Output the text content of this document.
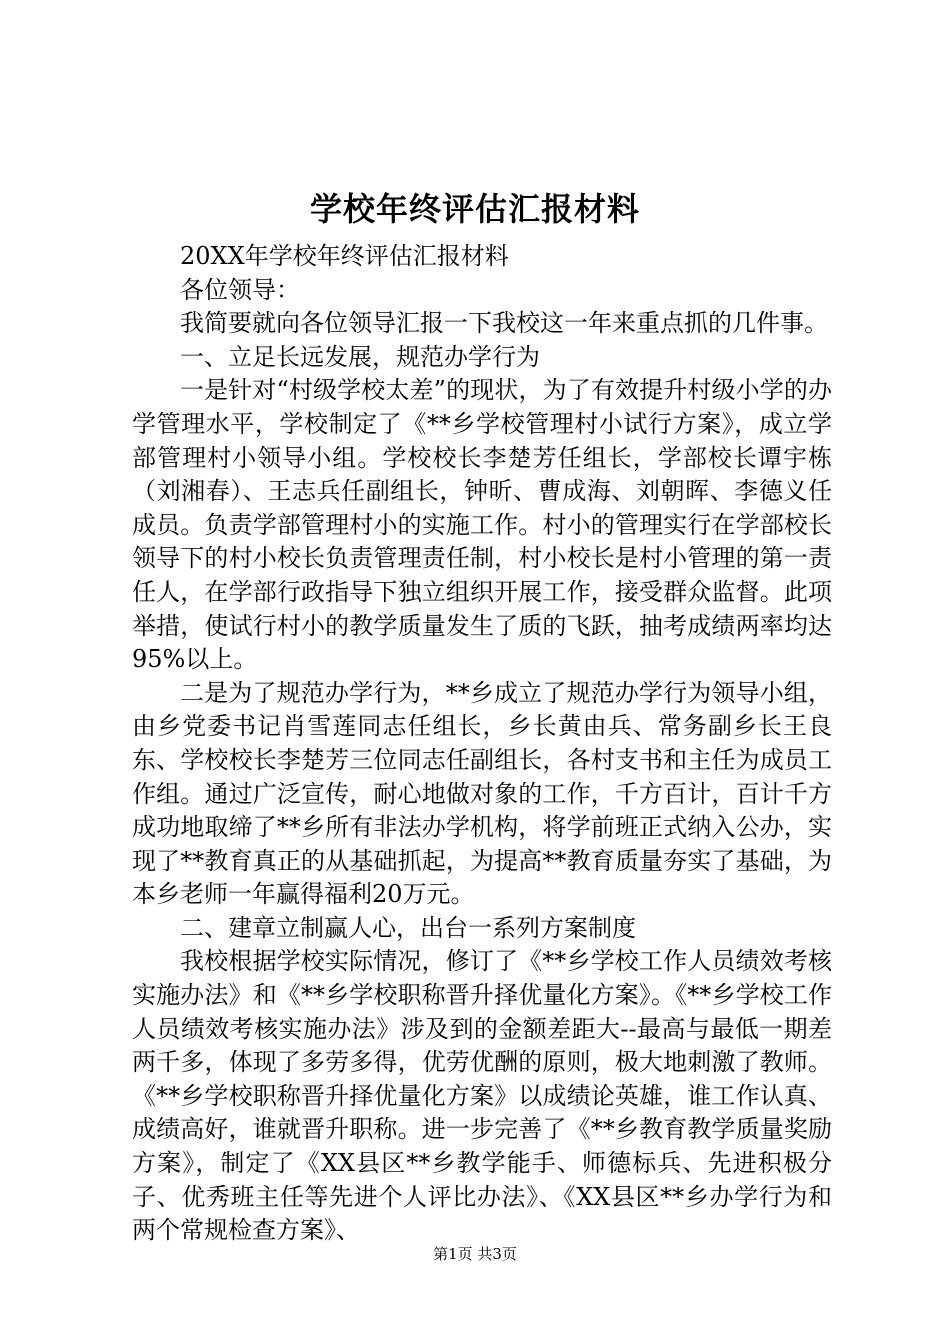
学校年终评估汇报材料

20XX年学校年终评估汇报材料

各位领导：

我简要就向各位领导汇报一下我校这一年来重点抓的几件事。

一、立足长远发展，规范办学行为

一是针对“村级学校太差”的现状，为了有效提升村级小学的办学管理水平，学校制定了《**乡学校管理村小试行方案》，成立学部管理村小领导小组。学校校长李楚芳任组长，学部校长谭宇栋（刘湘春）、王志兵任副组长，钟昕、曹成海、刘朝晖、李德义任成员。负责学部管理村小的实施工作。村小的管理实行在学部校长领导下的村小校长负责管理责任制，村小校长是村小管理的第一责任人，在学部行政指导下独立组织开展工作，接受群众监督。此项举措，使试行村小的教学质量发生了质的飞跃，抽考成绩两率均达95%以上。

二是为了规范办学行为，**乡成立了规范办学行为领导小组，由乡党委书记肖雪莲同志任组长，乡长黄由兵、常务副乡长王良东、学校校长李楚芳三位同志任副组长，各村支书和主任为成员工作组。通过广泛宣传，耐心地做对象的工作，千方百计，百计千方成功地取缔了**乡所有非法办学机构，将学前班正式纳入公办，实现了**教育真正的从基础抓起，为提高**教育质量夯实了基础，为本乡老师一年赢得福利20万元。

二、建章立制赢人心，出台一系列方案制度

我校根据学校实际情况，修订了《**乡学校工作人员绩效考核实施办法》和《**乡学校职称晋升择优量化方案》。《**乡学校工作人员绩效考核实施办法》涉及到的金额差距大--最高与最低一期差两千多，体现了多劳多得，优劳优酬的原则，极大地刺激了教师。《**乡学校职称晋升择优量化方案》以成绩论英雄，谁工作认真、成绩高好，谁就晋升职称。进一步完善了《**乡教育教学质量奖励方案》，制定了《XX县区**乡教学能手、师德标兵、先进积极分子、优秀班主任等先进个人评比办法》、《XX县区**乡办学行为和两个常规检查方案》、

第1页 共3页
